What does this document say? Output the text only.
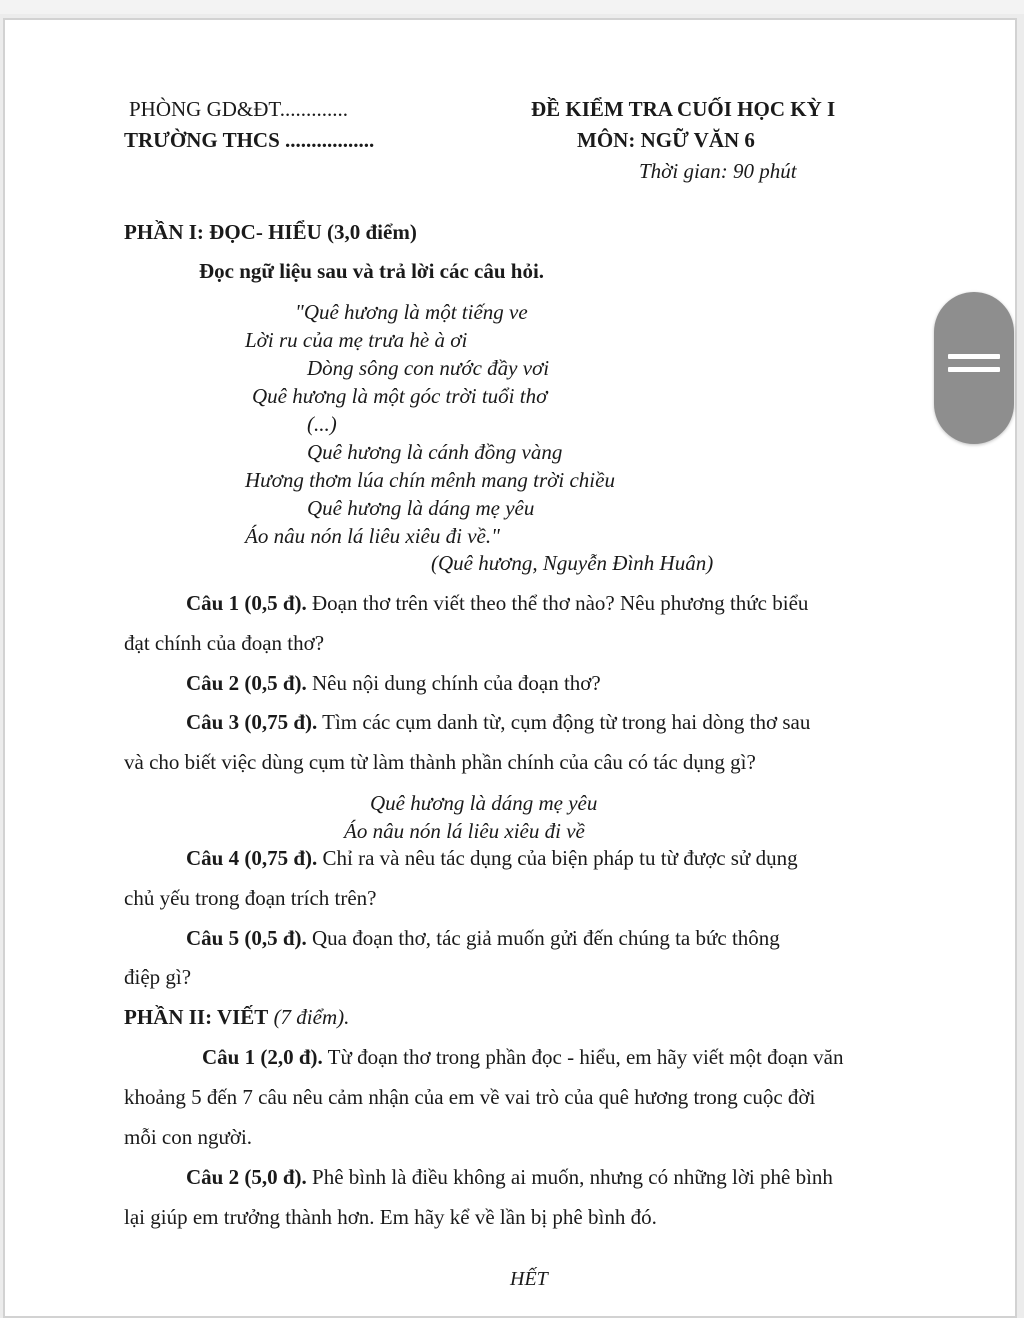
PHÒNG GD&ĐT.............
TRƯỜNG THCS .................
ĐỀ KIỂM TRA CUỐI HỌC KỲ I
MÔN: NGỮ VĂN 6
Thời gian: 90 phút
PHẦN I: ĐỌC- HIỂU (3,0 điểm)
Đọc ngữ liệu sau và trả lời các câu hỏi.
"Quê hương là một tiếng ve
Lời ru của mẹ trưa hè à ơi
Dòng sông con nước đầy vơi
Quê hương là một góc trời tuổi thơ
(...)
Quê hương là cánh đồng vàng
Hương thơm lúa chín mênh mang trời chiều
Quê hương là dáng mẹ yêu
Áo nâu nón lá liêu xiêu đi về."
(Quê hương, Nguyễn Đình Huân)
Câu 1 (0,5 đ). Đoạn thơ trên viết theo thể thơ nào? Nêu phương thức biểu
đạt chính của đoạn thơ?
Câu 2 (0,5 đ). Nêu nội dung chính của đoạn thơ?
Câu 3 (0,75 đ). Tìm các cụm danh từ, cụm động từ trong hai dòng thơ sau
và cho biết việc dùng cụm từ làm thành phần chính của câu có tác dụng gì?
Quê hương là dáng mẹ yêu
Áo nâu nón lá liêu xiêu đi về
Câu 4 (0,75 đ). Chỉ ra và nêu tác dụng của biện pháp tu từ được sử dụng
chủ yếu trong đoạn trích trên?
Câu 5 (0,5 đ). Qua đoạn thơ, tác giả muốn gửi đến chúng ta bức thông
điệp gì?
PHẦN II: VIẾT (7 điểm).
Câu 1 (2,0 đ). Từ đoạn thơ trong phần đọc - hiểu, em hãy viết một đoạn văn
khoảng 5 đến 7 câu nêu cảm nhận của em về vai trò của quê hương trong cuộc đời
mỗi con người.
Câu 2 (5,0 đ). Phê bình là điều không ai muốn, nhưng có những lời phê bình
lại giúp em trưởng thành hơn. Em hãy kể về lần bị phê bình đó.
HẾT
